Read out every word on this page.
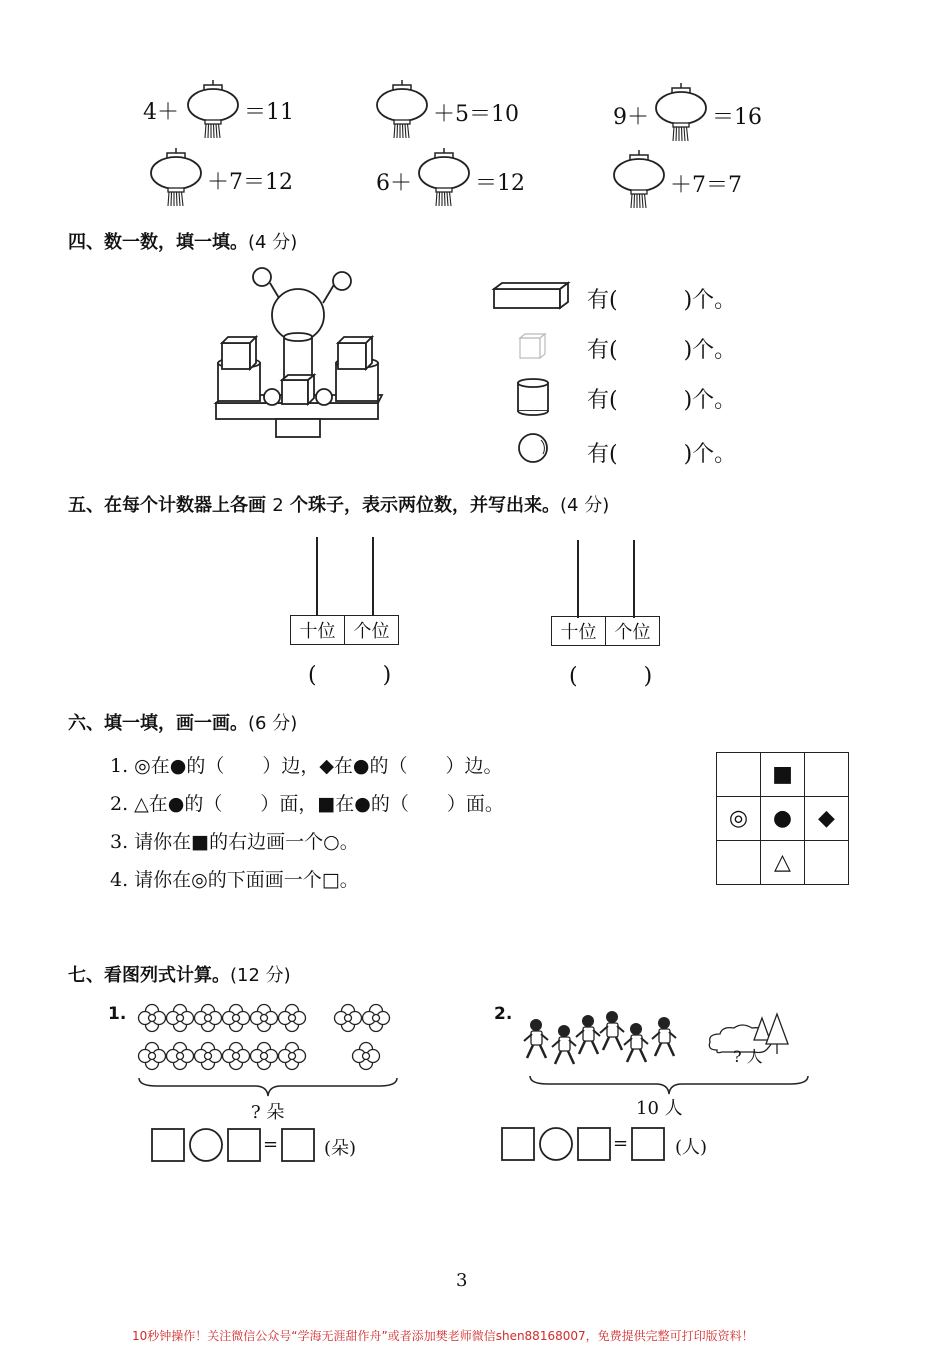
4＋	＝11	＋5＝10	9＋	＝16
＋7＝12	6＋	＝12	＋7＝7
四、数一数，填一填。(4 分)
有(　　　)个。
有(　　　)个。
有(　　　)个。
有(　　　)个。
五、在每个计数器上各画 2 个珠子，表示两位数，并写出来。(4 分)
十位	个位
(　　　)
十位	个位
(　　　)
六、填一填，画一画。(6 分)
1. ◎在●的（　　）边，◆在●的（　　）边。
2. △在●的（　　）面，■在●的（　　）面。
3. 请你在■的右边画一个○。
4. 请你在◎的下面画一个□。
	■	
◎	●	◆
	△	
七、看图列式计算。(12 分)
1.
? 朵
=	(朵)
2.
? 人
10 人
=	(人)
3
10秒钟操作！关注微信公众号“学海无涯甜作舟”或者添加樊老师微信shen88168007，免费提供完整可打印版资料！
